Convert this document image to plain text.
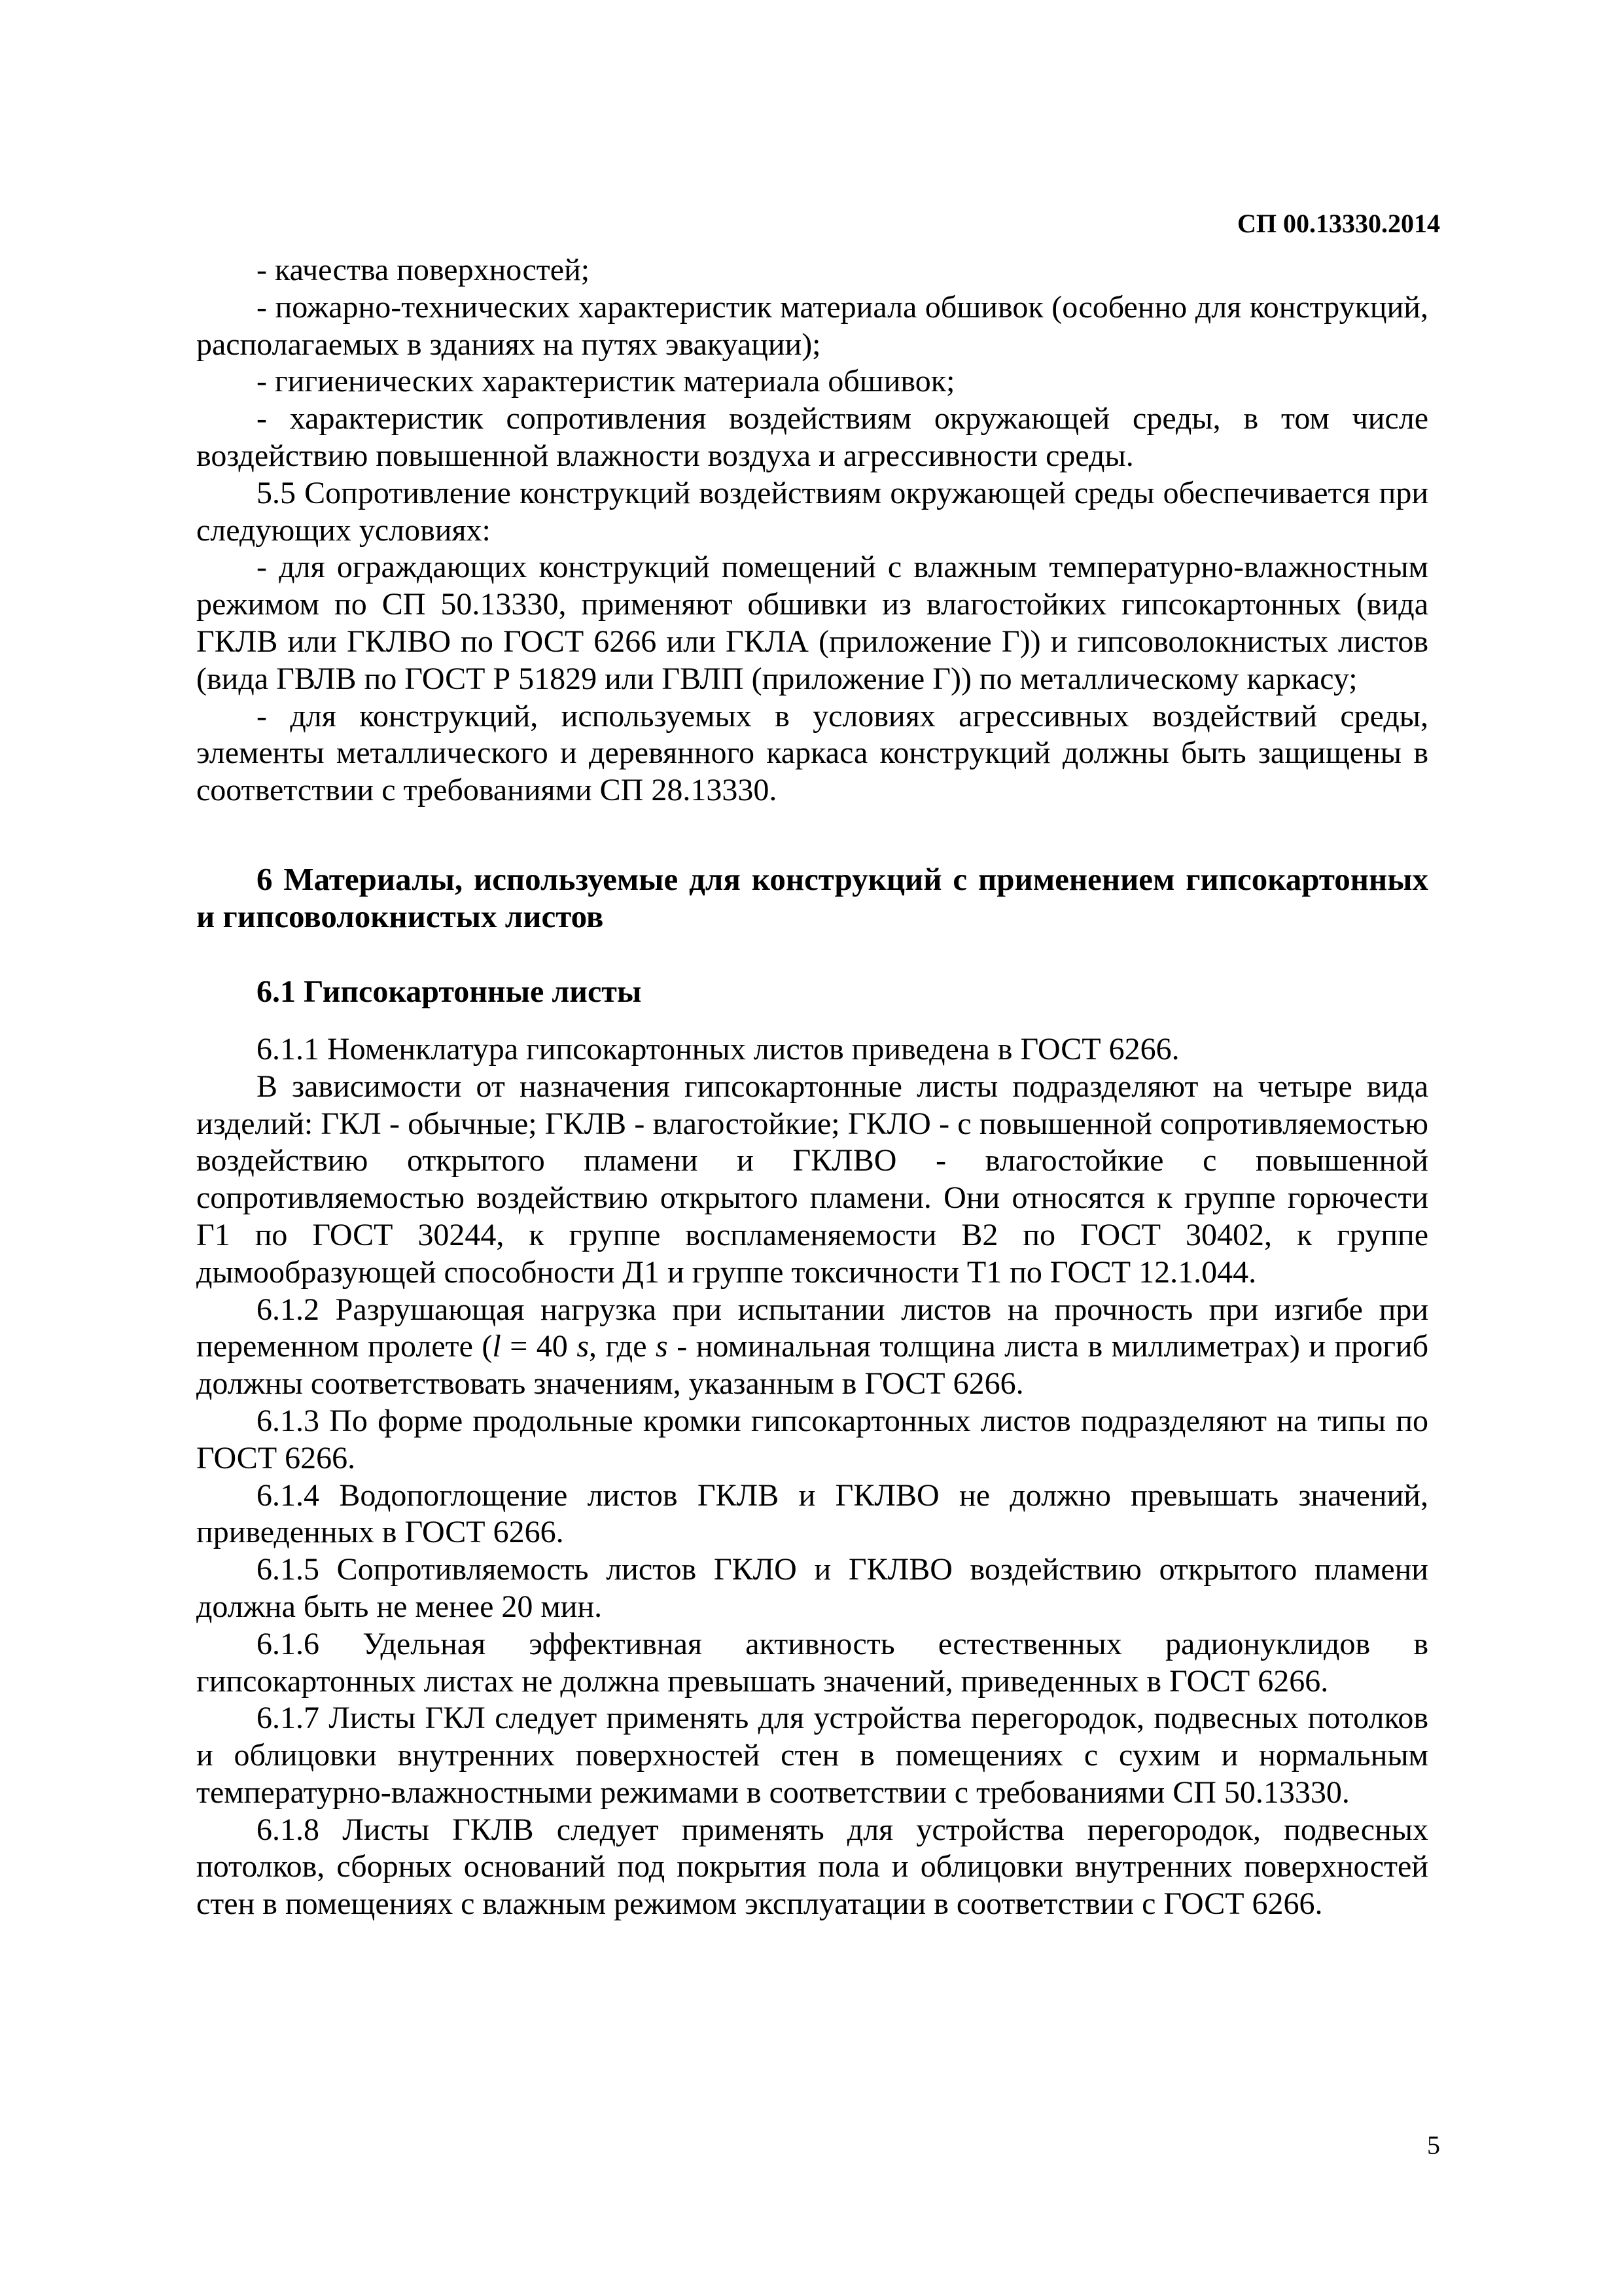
СП 00.13330.2014

- качества поверхностей;

- пожарно-технических характеристик материала обшивок (особенно для конструкций, располагаемых в зданиях на путях эвакуации);

- гигиенических характеристик материала обшивок;

- характеристик сопротивления воздействиям окружающей среды, в том числе воздействию повышенной влажности воздуха и агрессивности среды.

5.5 Сопротивление конструкций воздействиям окружающей среды обеспечивается при следующих условиях:

- для ограждающих конструкций помещений с влажным температурно-влажностным режимом по СП 50.13330, применяют обшивки из влагостойких гипсокартонных (вида ГКЛВ или ГКЛВО по ГОСТ 6266 или ГКЛА (приложение Г)) и гипсоволокнистых листов (вида ГВЛВ по ГОСТ Р 51829 или ГВЛП (приложение Г)) по металлическому каркасу;

- для конструкций, используемых в условиях агрессивных воздействий среды, элементы металлического и деревянного каркаса конструкций должны быть защищены в соответствии с требованиями СП 28.13330.

6 Материалы, используемые для конструкций с применением гипсокартонных и гипсоволокнистых листов
6.1 Гипсокартонные листы

6.1.1 Номенклатура гипсокартонных листов приведена в ГОСТ 6266.

В зависимости от назначения гипсокартонные листы подразделяют на четыре вида изделий: ГКЛ - обычные; ГКЛВ - влагостойкие; ГКЛО - с повышенной сопротивляемостью воздействию открытого пламени и ГКЛВО - влагостойкие с повышенной сопротивляемостью воздействию открытого пламени. Они относятся к группе горючести Г1 по ГОСТ 30244, к группе воспламеняемости В2 по ГОСТ 30402, к группе дымообразующей способности Д1 и группе токсичности Т1 по ГОСТ 12.1.044.

6.1.2 Разрушающая нагрузка при испытании листов на прочность при изгибе при переменном пролете (l = 40 s, где s - номинальная толщина листа в миллиметрах) и прогиб должны соответствовать значениям, указанным в ГОСТ 6266.

6.1.3 По форме продольные кромки гипсокартонных листов подразделяют на типы по ГОСТ 6266.

6.1.4 Водопоглощение листов ГКЛВ и ГКЛВО не должно превышать значений, приведенных в ГОСТ 6266.

6.1.5 Сопротивляемость листов ГКЛО и ГКЛВО воздействию открытого пламени должна быть не менее 20 мин.

6.1.6 Удельная эффективная активность естественных радионуклидов в гипсокартонных листах не должна превышать значений, приведенных в ГОСТ 6266.

6.1.7 Листы ГКЛ следует применять для устройства перегородок, подвесных потолков и облицовки внутренних поверхностей стен в помещениях с сухим и нормальным температурно-влажностными режимами в соответствии с требованиями СП 50.13330.

6.1.8 Листы ГКЛВ следует применять для устройства перегородок, подвесных потолков, сборных оснований под покрытия пола и облицовки внутренних поверхностей стен в помещениях с влажным режимом эксплуатации в соответствии с ГОСТ 6266.

5
